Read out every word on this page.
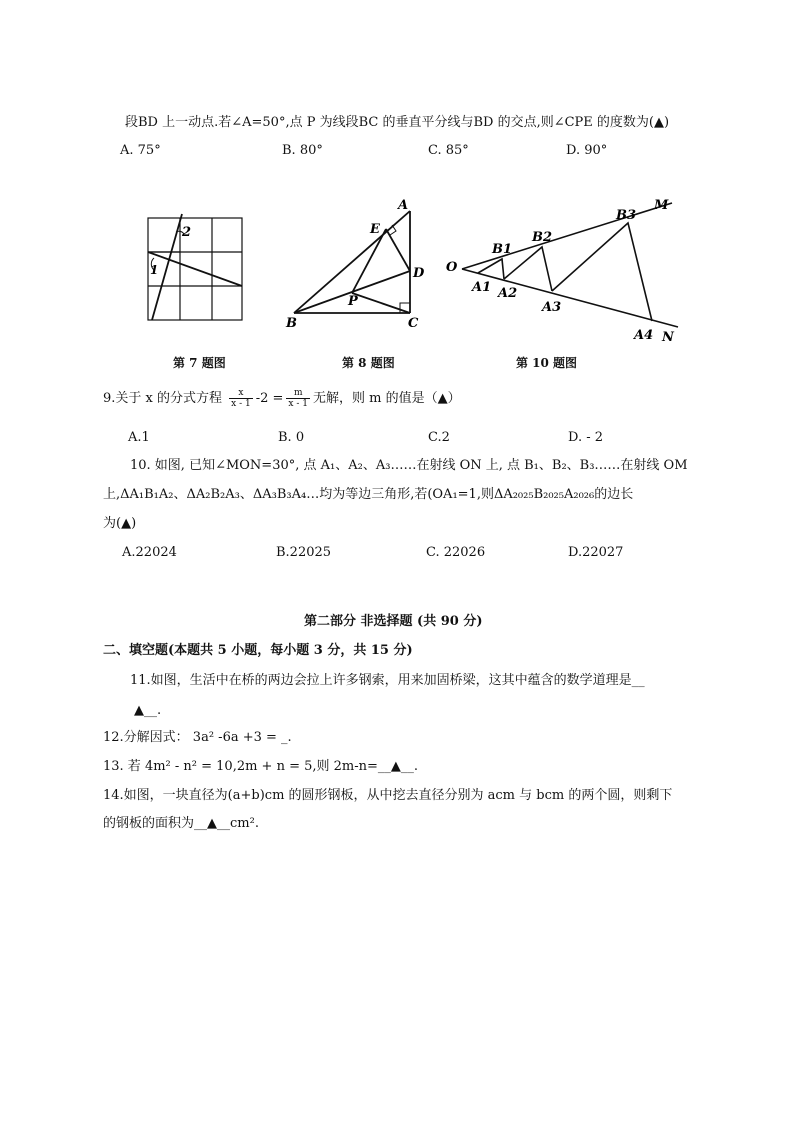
段BD 上一动点.若∠A=50°,点 P 为线段BC 的垂直平分线与BD 的交点,则∠CPE 的度数为(▲)
A. 75°	B. 80°	C. 85°	D. 90°
1
2
第 7 题图
A
E
D
P
B	C
第 8 题图
O
B1
B2
B3
M
A1 A2
A3
A4 N
第 10 题图
9.关于 x 的分式方程 $\frac{x}{x - 1} -2 = \frac{m}{x - 1}$ 无解，则 m 的值是（▲）
A.1	B. 0	C.2	D. - 2
10. 如图, 已知∠MON=30°, 点 A₁、A₂、A₃……在射线 ON 上, 点 B₁、B₂、B₃……在射线 OM
上,ΔA₁B₁A₂、ΔA₂B₂A₃、ΔA₃B₃A₄…均为等边三角形,若(OA₁=1,则ΔA₂₀₂₅B₂₀₂₅A₂₀₂₆的边长
为(▲)
A.22024	B.22025	C. 22026	D.22027
第二部分 非选择题 (共 90 分)
二、填空题(本题共 5 小题，每小题 3 分，共 15 分)
11.如图，生活中在桥的两边会拉上许多钢索，用来加固桥梁，这其中蕴含的数学道理是__
▲__.
12.分解因式： 3a² -6a +3 = _.
13. 若 4m² - n² = 10,2m + n = 5,则 2m-n=__▲__.
14.如图，一块直径为(a+b)cm 的圆形钢板，从中挖去直径分别为 acm 与 bcm 的两个圆，则剩下
的钢板的面积为__▲__cm².
